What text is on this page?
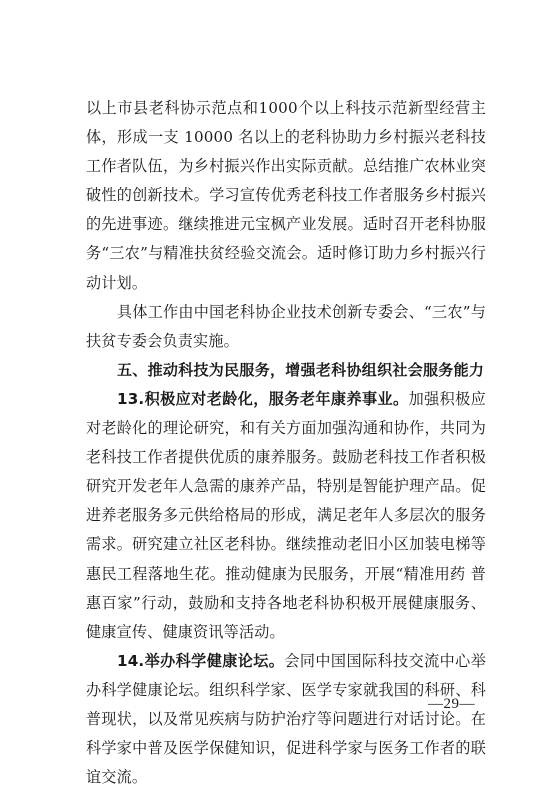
以上市县老科协示范点和1000个以上科技示范新型经营主体，形成一支 10000 名以上的老科协助力乡村振兴老科技工作者队伍，为乡村振兴作出实际贡献。总结推广农林业突破性的创新技术。学习宣传优秀老科技工作者服务乡村振兴的先进事迹。继续推进元宝枫产业发展。适时召开老科协服务“三农”与精准扶贫经验交流会。适时修订助力乡村振兴行动计划。

具体工作由中国老科协企业技术创新专委会、“三农”与扶贫专委会负责实施。

五、推动科技为民服务，增强老科协组织社会服务能力

13.积极应对老龄化，服务老年康养事业。加强积极应对老龄化的理论研究，和有关方面加强沟通和协作，共同为老科技工作者提供优质的康养服务。鼓励老科技工作者积极研究开发老年人急需的康养产品，特别是智能护理产品。促进养老服务多元供给格局的形成，满足老年人多层次的服务需求。研究建立社区老科协。继续推动老旧小区加装电梯等惠民工程落地生花。推动健康为民服务，开展“精准用药 普惠百家”行动，鼓励和支持各地老科协积极开展健康服务、健康宣传、健康资讯等活动。

14.举办科学健康论坛。会同中国国际科技交流中心举办科学健康论坛。组织科学家、医学专家就我国的科研、科普现状，以及常见疾病与防护治疗等问题进行对话讨论。在科学家中普及医学保健知识，促进科学家与医务工作者的联谊交流。

—29—
